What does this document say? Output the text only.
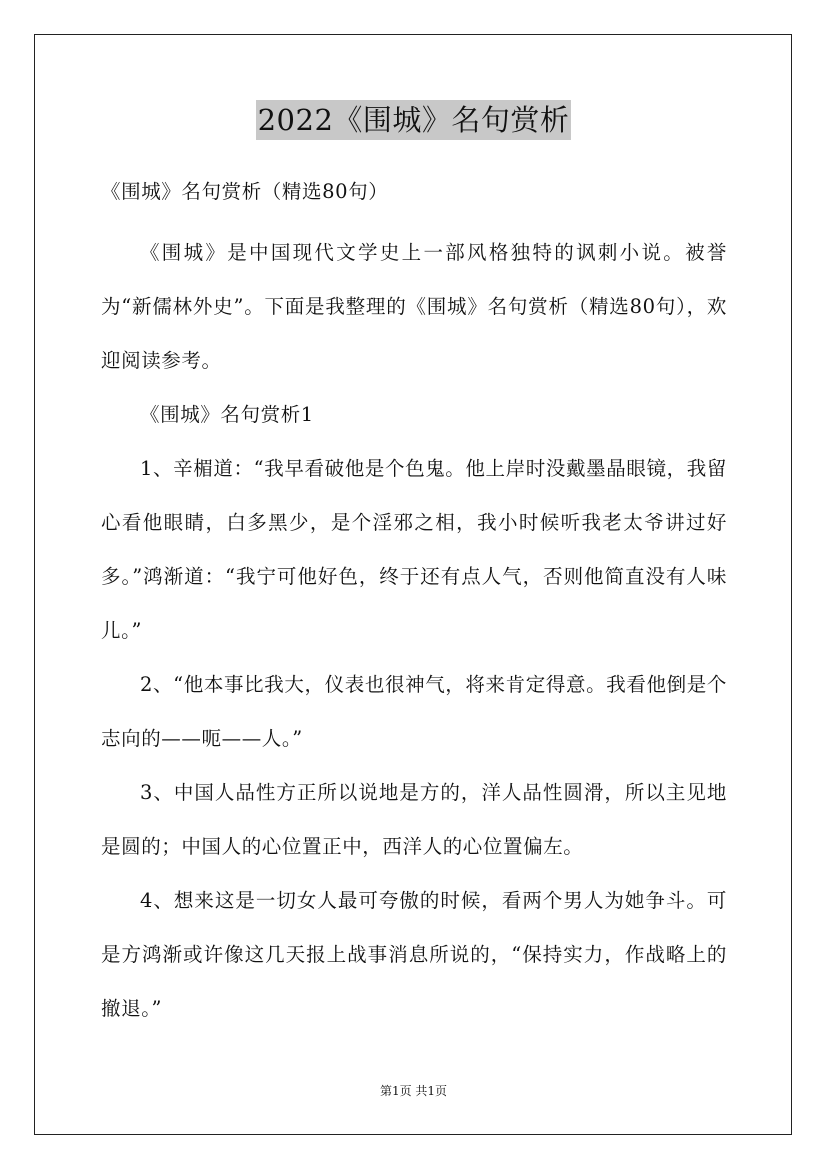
2022《围城》名句赏析

《围城》名句赏析（精选80句）

《围城》是中国现代文学史上一部风格独特的讽刺小说。被誉为“新儒林外史”。下面是我整理的《围城》名句赏析（精选80句），欢迎阅读参考。

《围城》名句赏析1

1、辛楣道：“我早看破他是个色鬼。他上岸时没戴墨晶眼镜，我留心看他眼睛，白多黑少，是个淫邪之相，我小时候听我老太爷讲过好多。”鸿渐道：“我宁可他好色，终于还有点人气，否则他简直没有人味儿。”

2、“他本事比我大，仪表也很神气，将来肯定得意。我看他倒是个志向的——呃——人。”

3、中国人品性方正所以说地是方的，洋人品性圆滑，所以主见地是圆的；中国人的心位置正中，西洋人的心位置偏左。

4、想来这是一切女人最可夸傲的时候，看两个男人为她争斗。可是方鸿渐或许像这几天报上战事消息所说的，“保持实力，作战略上的撤退。”

第1页 共1页
